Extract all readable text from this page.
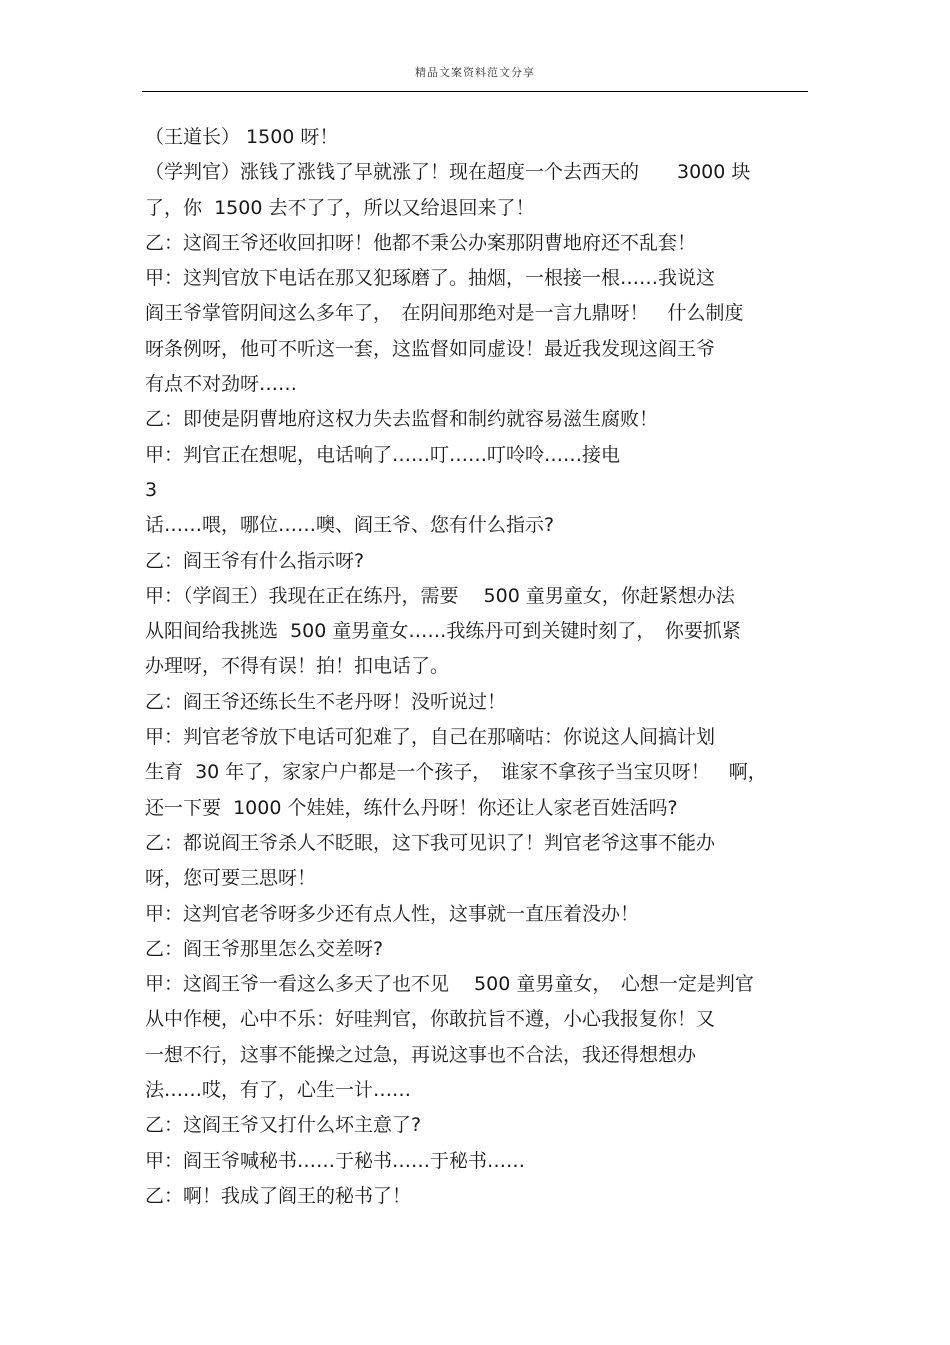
精品文案资料范文分享
（王道长） 1500 呀！
（学判官）涨钱了涨钱了早就涨了！现在超度一个去西天的　　3000 块
了，你  1500 去不了了，所以又给退回来了！
乙：这阎王爷还收回扣呀！他都不秉公办案那阴曹地府还不乱套！
甲：这判官放下电话在那又犯琢磨了。抽烟，一根接一根……我说这
阎王爷掌管阴间这么多年了，　在阴间那绝对是一言九鼎呀！　什么制度
呀条例呀，他可不听这一套，这监督如同虚设！最近我发现这阎王爷
有点不对劲呀……
乙：即使是阴曹地府这权力失去监督和制约就容易滋生腐败！
甲：判官正在想呢，电话响了……叮……叮呤呤……接电
3
话……喂，哪位……噢、阎王爷、您有什么指示?
乙：阎王爷有什么指示呀?
甲：（学阎王）我现在正在练丹，需要　 500 童男童女，你赶紧想办法
从阳间给我挑选  500 童男童女……我练丹可到关键时刻了，　你要抓紧
办理呀，不得有误！拍！扣电话了。
乙：阎王爷还练长生不老丹呀！没听说过！
甲：判官老爷放下电话可犯难了，自己在那嘀咕：你说这人间搞计划
生育  30 年了，家家户户都是一个孩子，　谁家不拿孩子当宝贝呀！　啊，
还一下要  1000 个娃娃，练什么丹呀！你还让人家老百姓活吗?
乙：都说阎王爷杀人不眨眼，这下我可见识了！判官老爷这事不能办
呀，您可要三思呀！
甲：这判官老爷呀多少还有点人性，这事就一直压着没办！
乙：阎王爷那里怎么交差呀?
甲：这阎王爷一看这么多天了也不见　 500 童男童女，　心想一定是判官
从中作梗，心中不乐：好哇判官，你敢抗旨不遵，小心我报复你！又
一想不行，这事不能操之过急，再说这事也不合法，我还得想想办
法……哎，有了，心生一计……
乙：这阎王爷又打什么坏主意了?
甲：阎王爷喊秘书……于秘书……于秘书……
乙：啊！我成了阎王的秘书了！
